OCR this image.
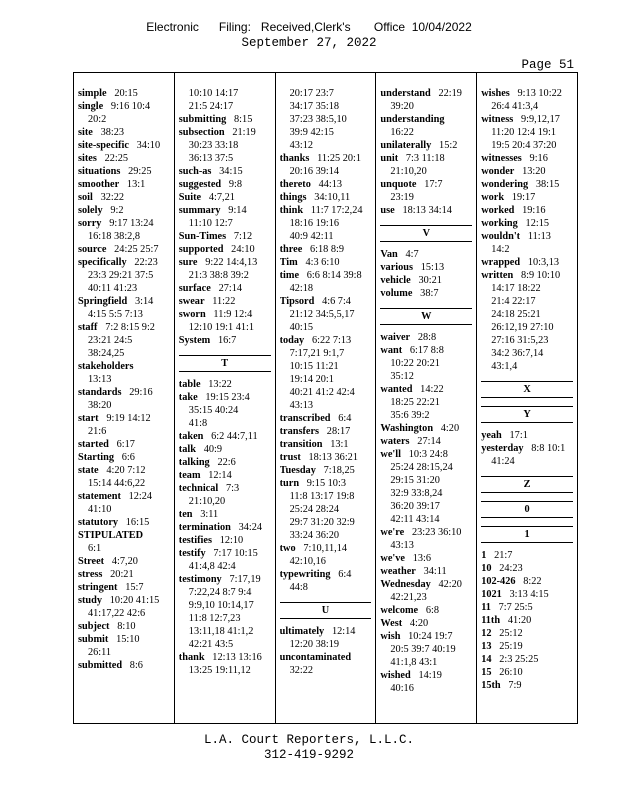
Electronic      Filing:   Received,Clerk's       Office  10/04/2022
September 27, 2022
Page 51
simple 20:15
single 9:16 10:4
20:2
site 38:23
site-specific 34:10
sites 22:25
situations 29:25
smoother 13:1
soil 32:22
solely 9:2
sorry 9:17 13:24
16:18 38:2,8
source 24:25 25:7
specifically 22:23
23:3 29:21 37:5
40:11 41:23
Springfield 3:14
4:15 5:5 7:13
staff 7:2 8:15 9:2
23:21 24:5
38:24,25
stakeholders
13:13
standards 29:16
38:20
start 9:19 14:12
21:6
started 6:17
Starting 6:6
state 4:20 7:12
15:14 44:6,22
statement 12:24
41:10
statutory 16:15
STIPULATED
6:1
Street 4:7,20
stress 20:21
stringent 15:7
study 10:20 41:15
41:17,22 42:6
subject 8:10
submit 15:10
26:11
submitted 8:6
10:10 14:17
21:5 24:17
submitting 8:15
subsection 21:19
30:23 33:18
36:13 37:5
such-as 34:15
suggested 9:8
Suite 4:7,21
summary 9:14
11:10 12:7
Sun-Times 7:12
supported 24:10
sure 9:22 14:4,13
21:3 38:8 39:2
surface 27:14
swear 11:22
sworn 11:9 12:4
12:10 19:1 41:1
System 16:7
T
table 13:22
take 19:15 23:4
35:15 40:24
41:8
taken 6:2 44:7,11
talk 40:9
talking 22:6
team 12:14
technical 7:3
21:10,20
ten 3:11
termination 34:24
testifies 12:10
testify 7:17 10:15
41:4,8 42:4
testimony 7:17,19
7:22,24 8:7 9:4
9:9,10 10:14,17
11:8 12:7,23
13:11,18 41:1,2
42:21 43:5
thank 12:13 13:16
13:25 19:11,12
20:17 23:7
34:17 35:18
37:23 38:5,10
39:9 42:15
43:12
thanks 11:25 20:1
20:16 39:14
thereto 44:13
things 34:10,11
think 11:7 17:2,24
18:16 19:16
40:9 42:11
three 6:18 8:9
Tim 4:3 6:10
time 6:6 8:14 39:8
42:18
Tipsord 4:6 7:4
21:12 34:5,5,17
40:15
today 6:22 7:13
7:17,21 9:1,7
10:15 11:21
19:14 20:1
40:21 41:2 42:4
43:13
transcribed 6:4
transfers 28:17
transition 13:1
trust 18:13 36:21
Tuesday 7:18,25
turn 9:15 10:3
11:8 13:17 19:8
25:24 28:24
29:7 31:20 32:9
33:24 36:20
two 7:10,11,14
42:10,16
typewriting 6:4
44:8
U
ultimately 12:14
12:20 38:19
uncontaminated
32:22
understand 22:19
39:20
understanding
16:22
unilaterally 15:2
unit 7:3 11:18
21:10,20
unquote 17:7
23:19
use 18:13 34:14
V
Van 4:7
various 15:13
vehicle 30:21
volume 38:7
W
waiver 28:8
want 6:17 8:8
10:22 20:21
35:12
wanted 14:22
18:25 22:21
35:6 39:2
Washington 4:20
waters 27:14
we'll 10:3 24:8
25:24 28:15,24
29:15 31:20
32:9 33:8,24
36:20 39:17
42:11 43:14
we're 23:23 36:10
43:13
we've 13:6
weather 34:11
Wednesday 42:20
42:21,23
welcome 6:8
West 4:20
wish 10:24 19:7
20:5 39:7 40:19
41:1,8 43:1
wished 14:19
40:16
wishes 9:13 10:22
26:4 41:3,4
witness 9:9,12,17
11:20 12:4 19:1
19:5 20:4 37:20
witnesses 9:16
wonder 13:20
wondering 38:15
work 19:17
worked 19:16
working 12:15
wouldn't 11:13
14:2
wrapped 10:3,13
written 8:9 10:10
14:17 18:22
21:4 22:17
24:18 25:21
26:12,19 27:10
27:16 31:5,23
34:2 36:7,14
43:1,4
X
Y
yeah 17:1
yesterday 8:8 10:1
41:24
Z
0
1
1 21:7
10 24:23
102-426 8:22
1021 3:13 4:15
11 7:7 25:5
11th 41:20
12 25:12
13 25:19
14 2:3 25:25
15 26:10
15th 7:9
L.A. Court Reporters, L.L.C.
312-419-9292
